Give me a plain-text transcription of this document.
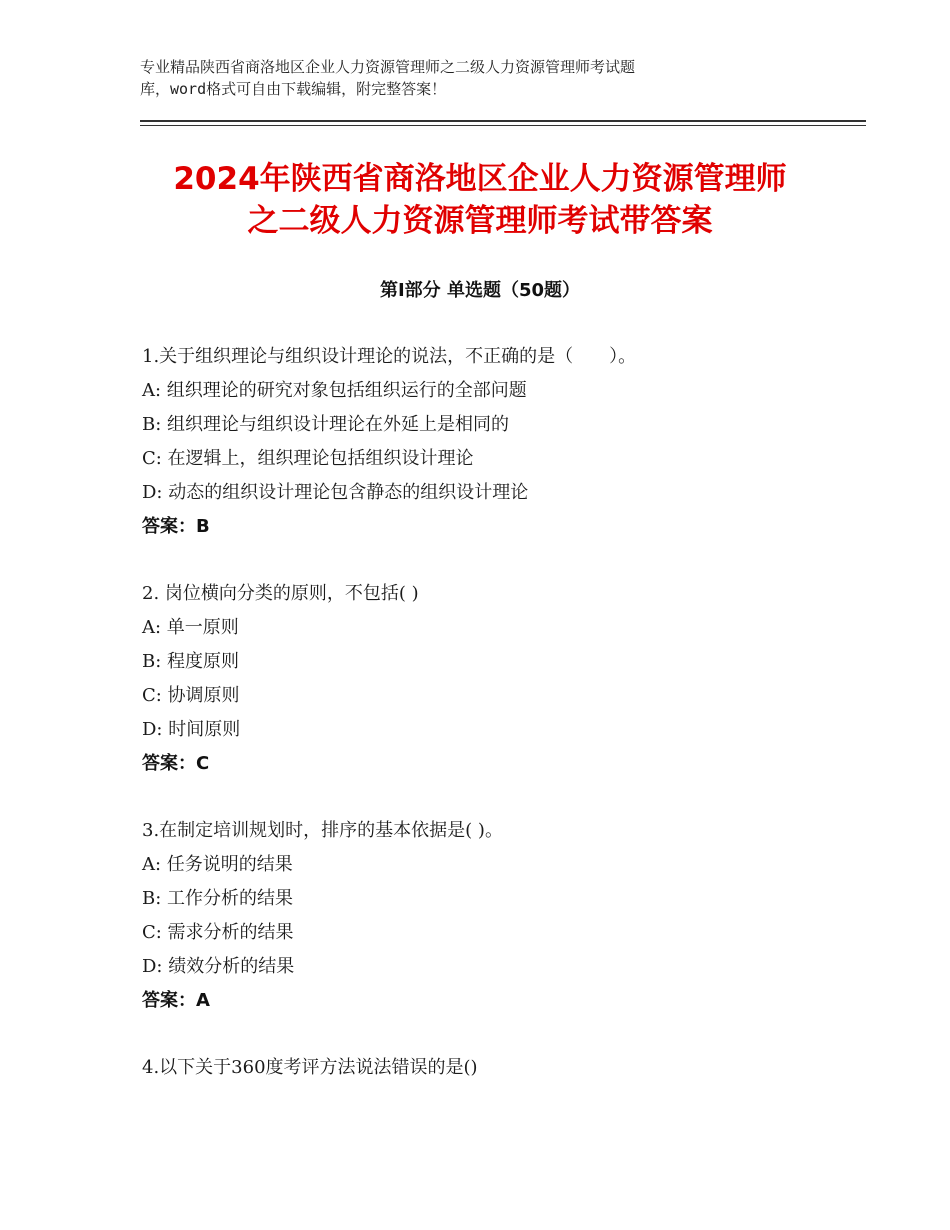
专业精品陕西省商洛地区企业人力资源管理师之二级人力资源管理师考试题
库，word格式可自由下载编辑，附完整答案！
2024年陕西省商洛地区企业人力资源管理师
之二级人力资源管理师考试带答案
第Ⅰ部分 单选题（50题）
1.关于组织理论与组织设计理论的说法，不正确的是（　　）。
A: 组织理论的研究对象包括组织运行的全部问题
B: 组织理论与组织设计理论在外延上是相同的
C: 在逻辑上，组织理论包括组织设计理论
D: 动态的组织设计理论包含静态的组织设计理论
答案：B
2. 岗位横向分类的原则，不包括( )
A: 单一原则
B: 程度原则
C: 协调原则
D: 时间原则
答案：C
3.在制定培训规划时，排序的基本依据是( )。
A: 任务说明的结果
B: 工作分析的结果
C: 需求分析的结果
D: 绩效分析的结果
答案：A
4.以下关于360度考评方法说法错误的是()
